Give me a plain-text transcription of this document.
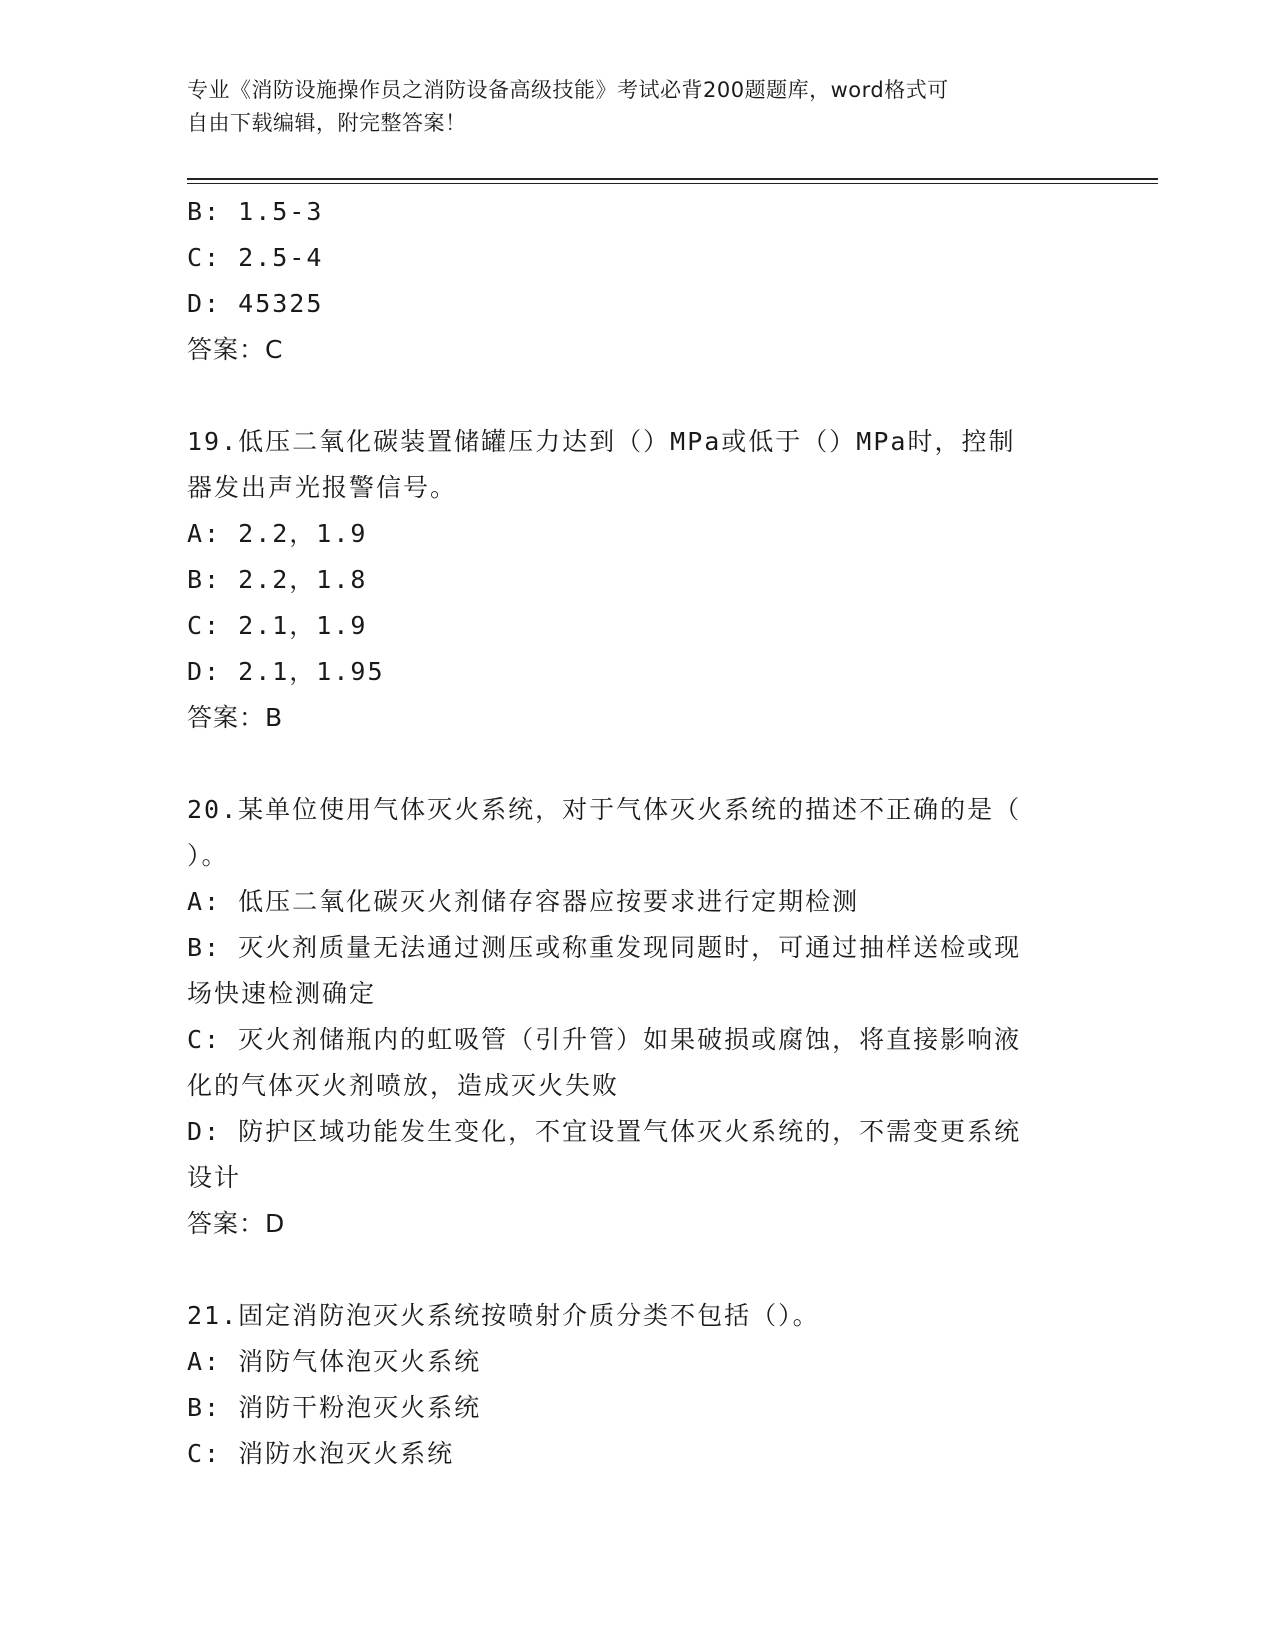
专业《消防设施操作员之消防设备高级技能》考试必背200题题库，word格式可
自由下载编辑，附完整答案！
B: 1.5-3
C: 2.5-4
D: 45325
答案：C
19.低压二氧化碳装置储罐压力达到（）MPa或低于（）MPa时，控制
器发出声光报警信号。
A: 2.2，1.9
B: 2.2，1.8
C: 2.1，1.9
D: 2.1，1.95
答案：B
20.某单位使用气体灭火系统，对于气体灭火系统的描述不正确的是（
）。
A: 低压二氧化碳灭火剂储存容器应按要求进行定期检测
B: 灭火剂质量无法通过测压或称重发现同题时，可通过抽样送检或现
场快速检测确定
C: 灭火剂储瓶内的虹吸管（引升管）如果破损或腐蚀，将直接影响液
化的气体灭火剂喷放，造成灭火失败
D: 防护区域功能发生变化，不宜设置气体灭火系统的，不需变更系统
设计
答案：D
21.固定消防泡灭火系统按喷射介质分类不包括（）。
A: 消防气体泡灭火系统
B: 消防干粉泡灭火系统
C: 消防水泡灭火系统
